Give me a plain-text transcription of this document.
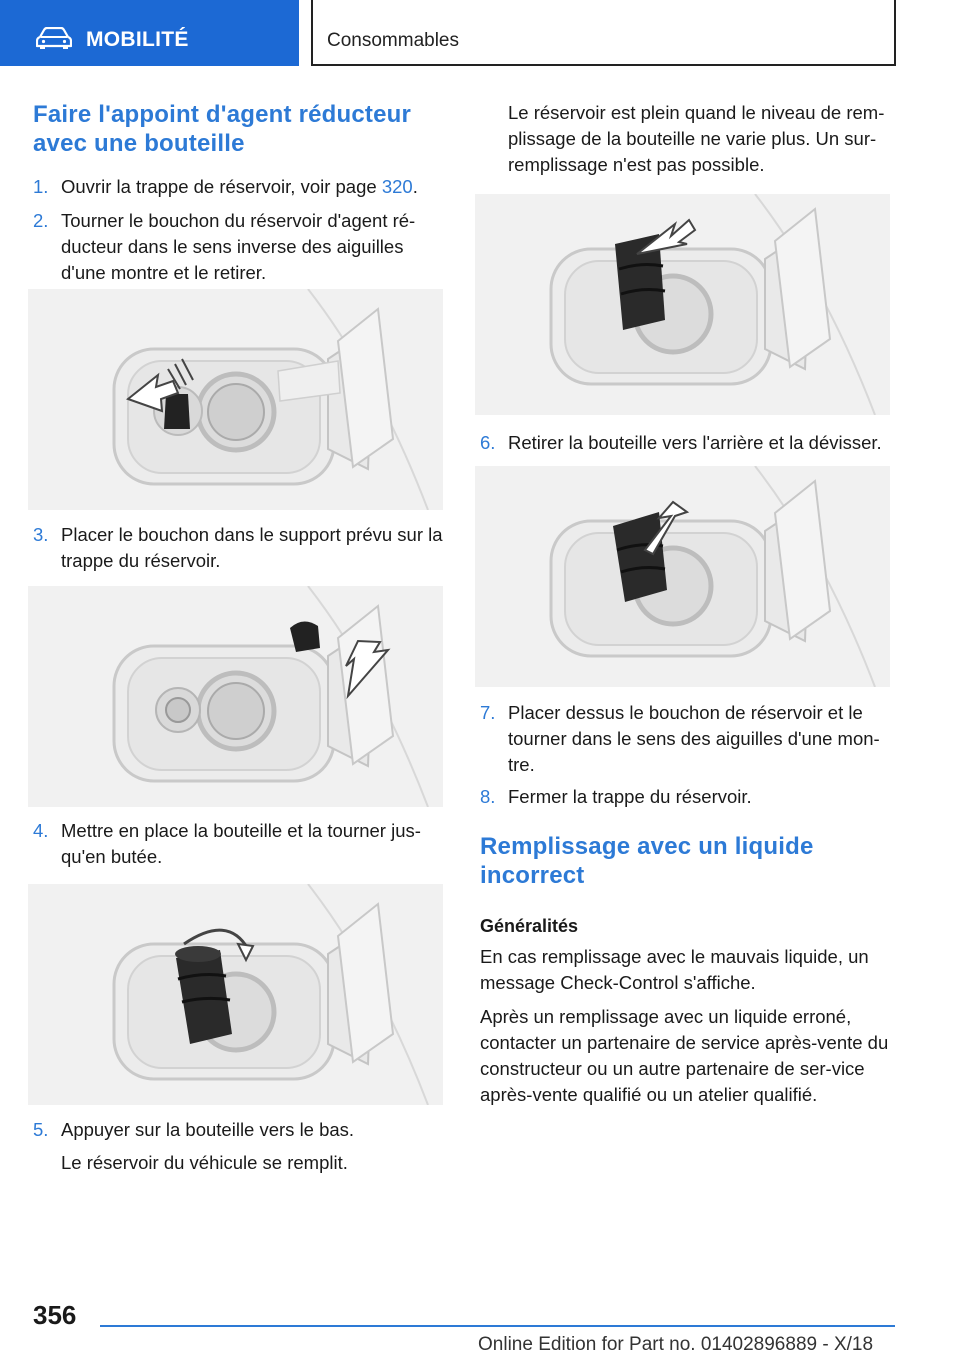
MOBILITÉ	Consommables
Faire l'appoint d'agent réducteur avec une bouteille
1. Ouvrir la trappe de réservoir, voir page 320.
2. Tourner le bouchon du réservoir d'agent ré-ducteur dans le sens inverse des aiguilles d'une montre et le retirer.
3. Placer le bouchon dans le support prévu sur la trappe du réservoir.
4. Mettre en place la bouteille et la tourner jus-qu'en butée.
5. Appuyer sur la bouteille vers le bas.
Le réservoir du véhicule se remplit.
Le réservoir est plein quand le niveau de rem-plissage de la bouteille ne varie plus. Un sur-remplissage n'est pas possible.
6. Retirer la bouteille vers l'arrière et la dévisser.
7. Placer dessus le bouchon de réservoir et le tourner dans le sens des aiguilles d'une mon-tre.
8. Fermer la trappe du réservoir.
Remplissage avec un liquide incorrect
Généralités

En cas remplissage avec le mauvais liquide, un message Check-Control s'affiche.

Après un remplissage avec un liquide erroné, contacter un partenaire de service après-vente du constructeur ou un autre partenaire de ser-vice après-vente qualifié ou un atelier qualifié.

356
Online Edition for Part no. 01402896889 - X/18
